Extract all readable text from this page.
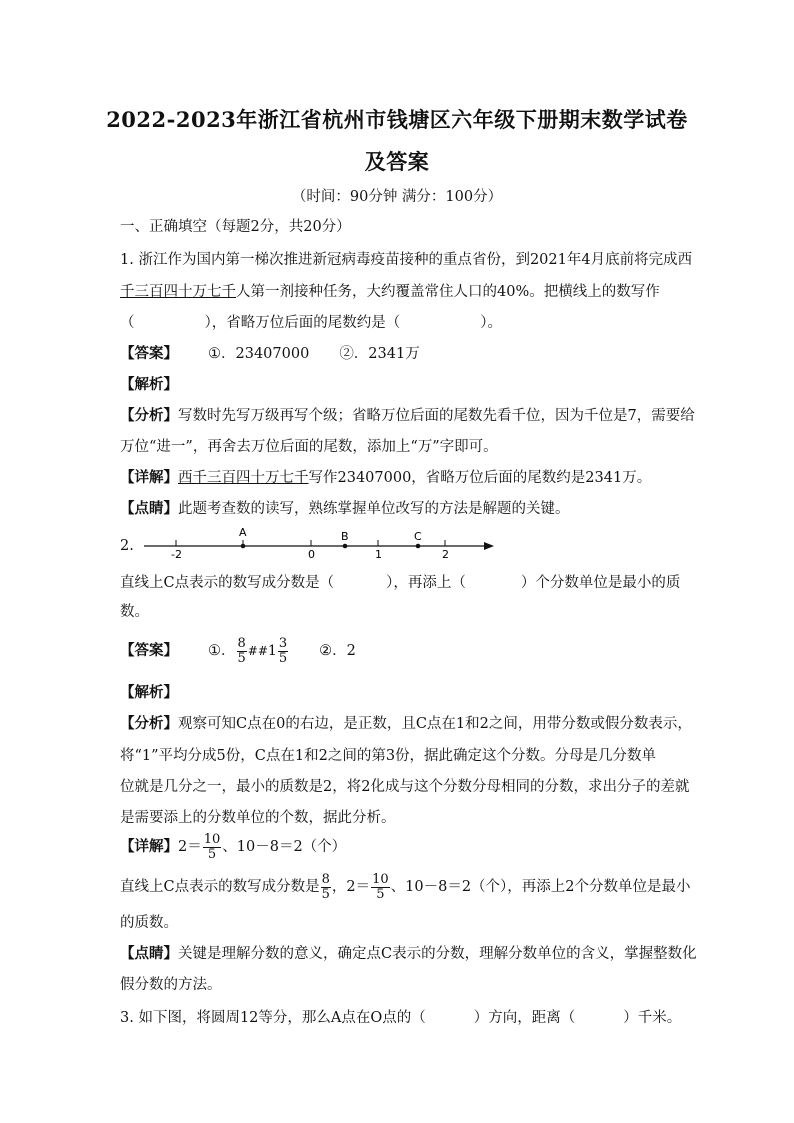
2022-2023年浙江省杭州市钱塘区六年级下册期末数学试卷
及答案
（时间：90分钟 满分：100分）
一、正确填空（每题2分，共20分）
1. 浙江作为国内第一梯次推进新冠病毒疫苗接种的重点省份，到2021年4月底前将完成西
千三百四十万七千人第一剂接种任务，大约覆盖常住人口的40%。把横线上的数写作
（	），省略万位后面的尾数约是（	）。
【答案】 ①．23407000 ②．2341万
【解析】
【分析】写数时先写万级再写个级；省略万位后面的尾数先看千位，因为千位是7，需要给
万位“进一”，再舍去万位后面的尾数，添加上“万”字即可。
【详解】西千三百四十万七千写作23407000，省略万位后面的尾数约是2341万。
【点睛】此题考查数的读写，熟练掌握单位改写的方法是解题的关键。
2.
-2	0	1	2
A	B	C
直线上C点表示的数写成分数是（	），再添上（	）个分数单位是最小的质
数。
【答案】 ①． $\frac{8}{5}$ ##1 $\frac{3}{5}$ ②．2
【解析】
【分析】观察可知C点在0的右边，是正数，且C点在1和2之间，用带分数或假分数表示，
将“1”平均分成5份，C点在1和2之间的第3份，据此确定这个分数。分母是几分数单
位就是几分之一，最小的质数是2，将2化成与这个分数分母相同的分数，求出分子的差就
是需要添上的分数单位的个数，据此分析。
【详解】$2= \frac{10}{5}$ 、10－8＝2（个）
直线上C点表示的数写成分数是 $\frac{8}{5}$ ，$2= \frac{10}{5}$ 、10－8＝2（个），再添上2个分数单位是最小
的质数。
【点睛】关键是理解分数的意义，确定点C表示的分数，理解分数单位的含义，掌握整数化
假分数的方法。
3. 如下图，将圆周12等分，那么A点在O点的（	）方向，距离（	）千米。
